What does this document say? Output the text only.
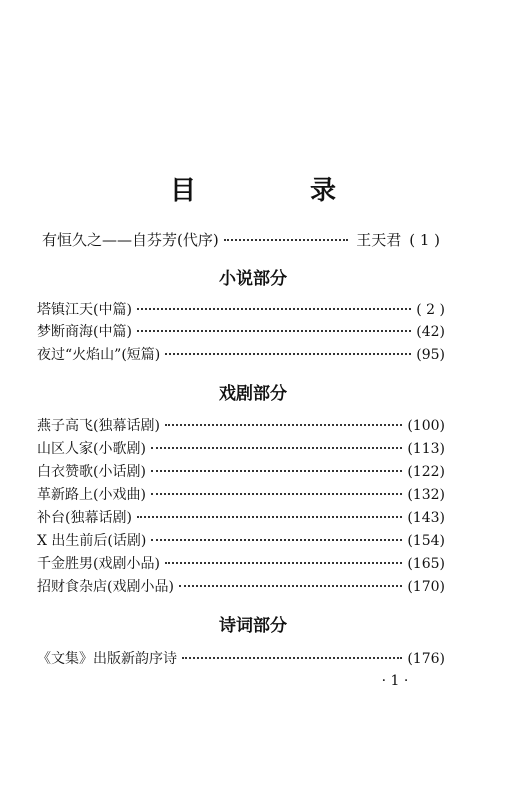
目　录
有恒久之——自芬芳(代序)	王天君 ( 1 )
小说部分
塔镇江天(中篇)	( 2 )
梦断商海(中篇)	(42)
夜过“火焰山”(短篇)	(95)
戏剧部分
燕子高飞(独幕话剧)	(100)
山区人家(小歌剧)	(113)
白衣赞歌(小话剧)	(122)
革新路上(小戏曲)	(132)
补台(独幕话剧)	(143)
X 出生前后(话剧)	(154)
千金胜男(戏剧小品)	(165)
招财食杂店(戏剧小品)	(170)
诗词部分
《文集》出版新韵序诗	(176)
· 1 ·
